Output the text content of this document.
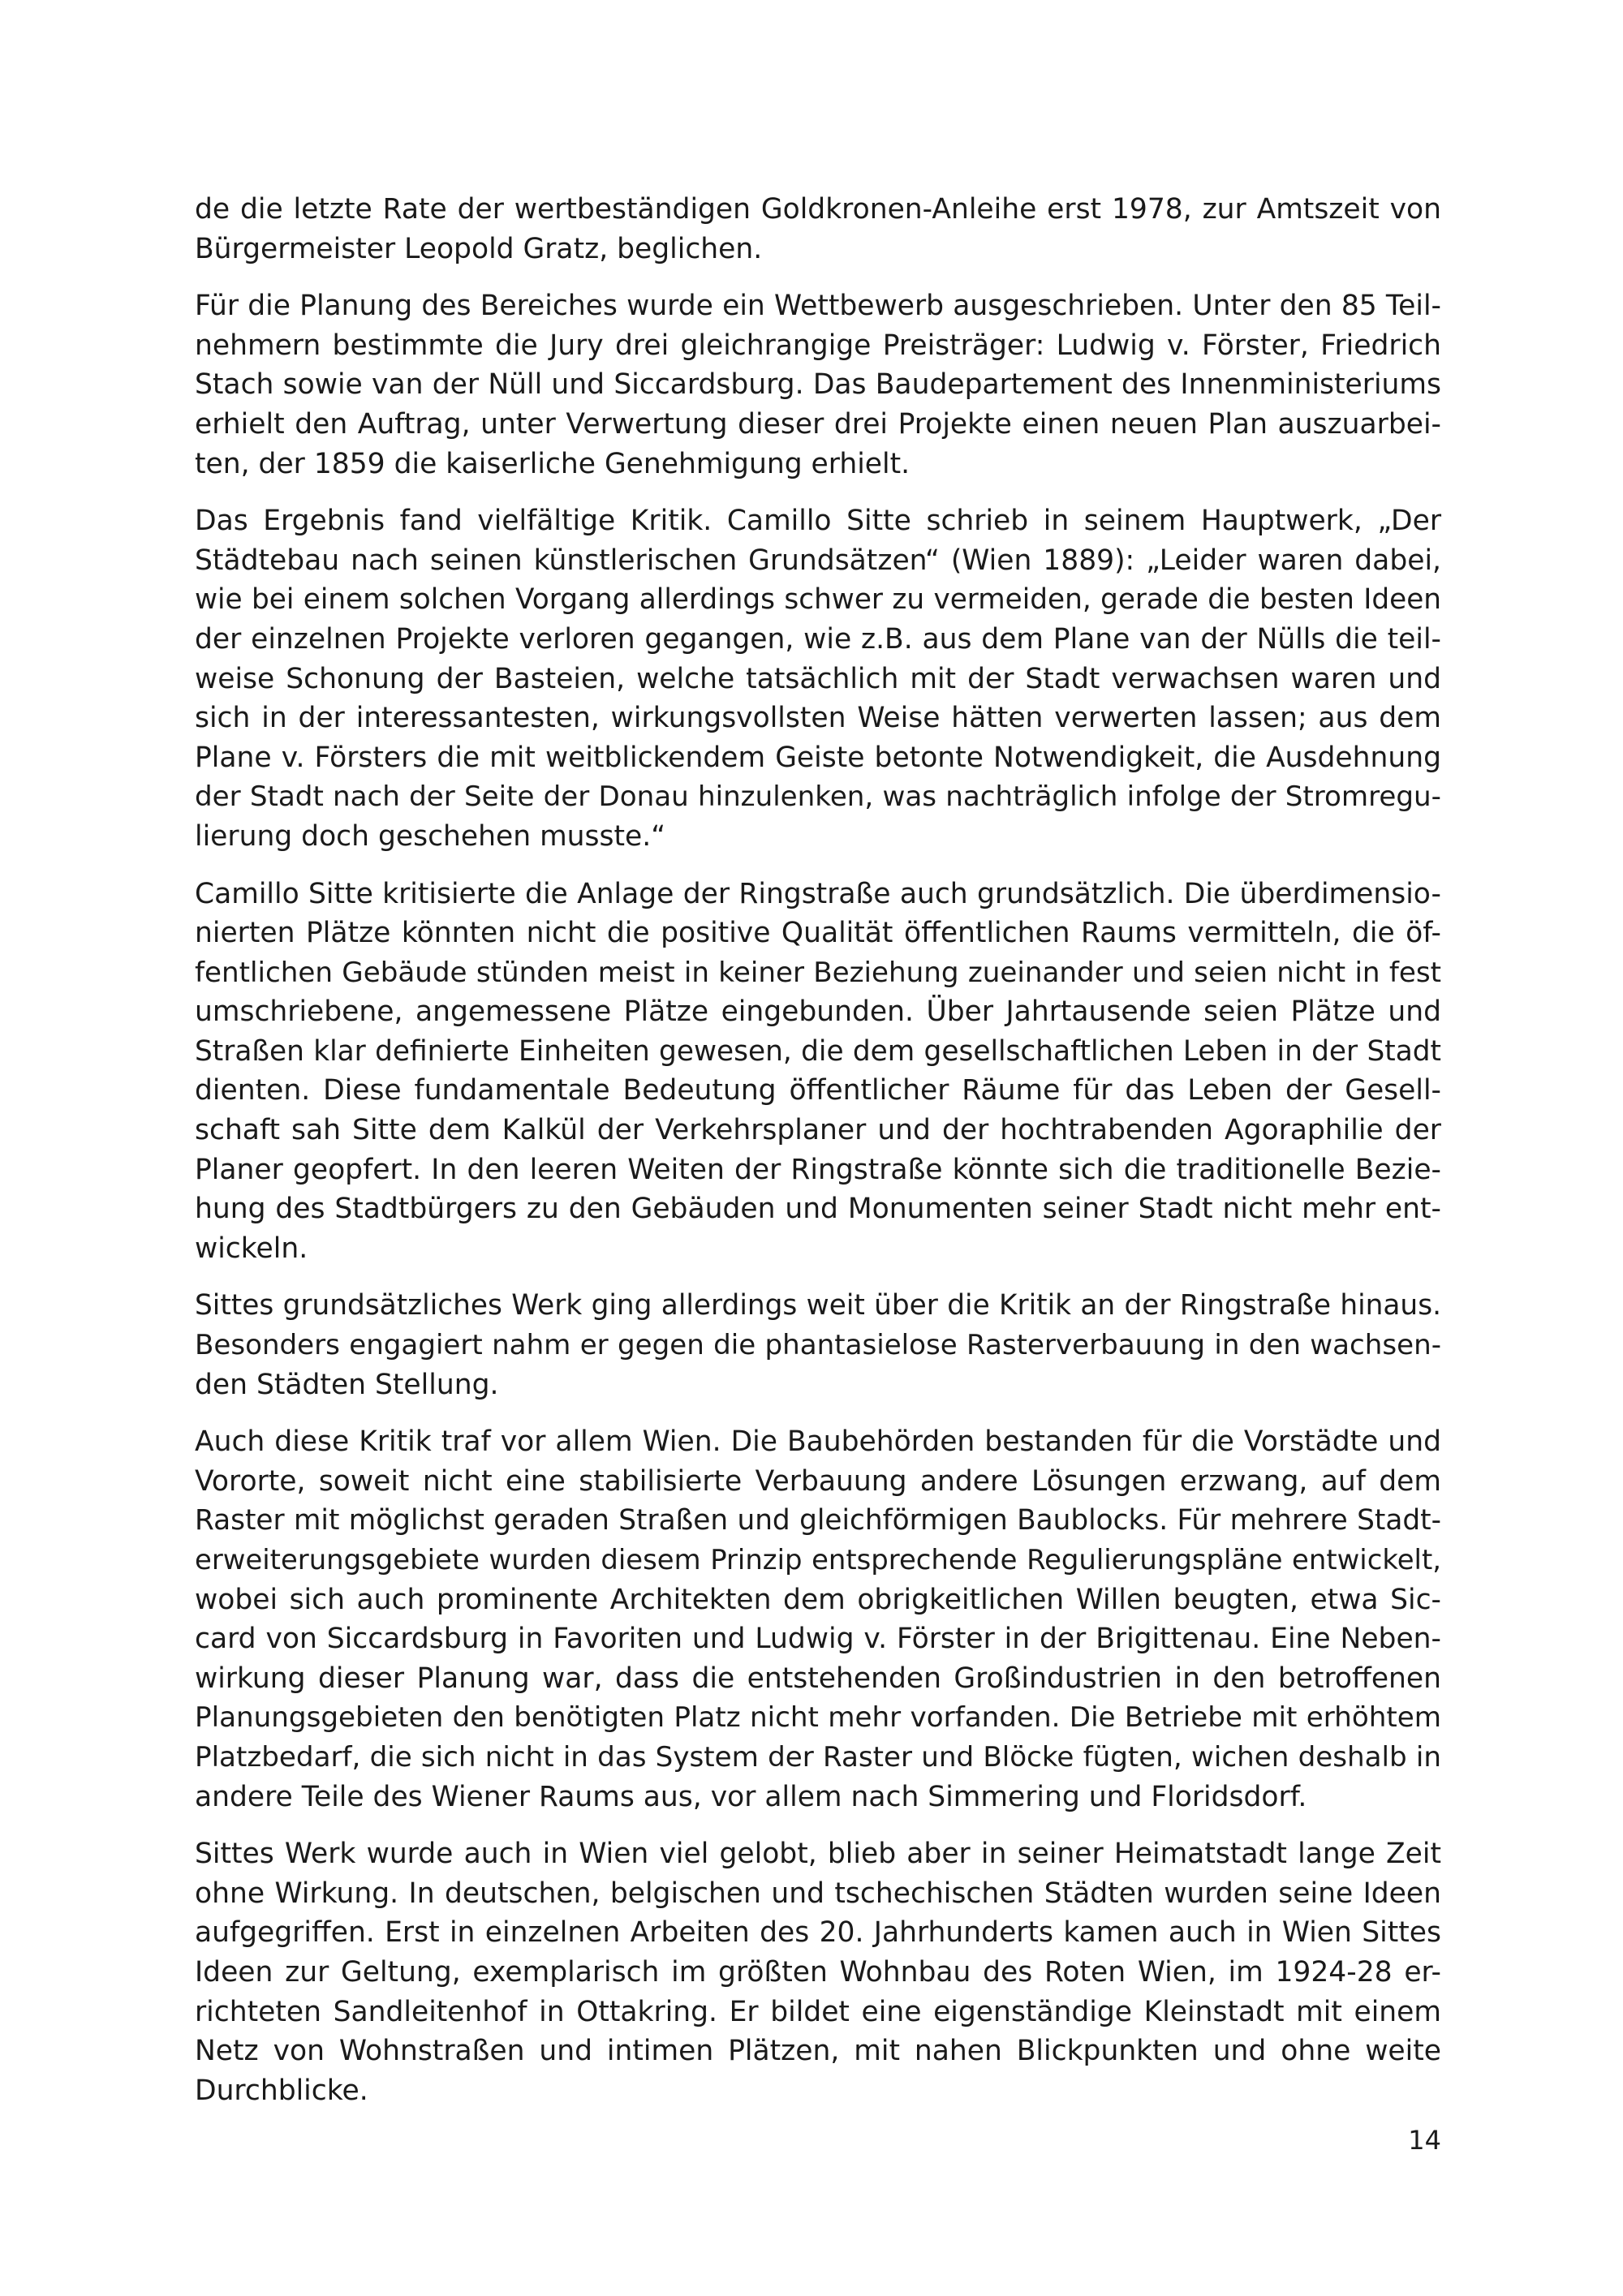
de die letzte Rate der wertbeständigen Goldkronen-Anleihe erst 1978, zur Amtszeit von
Bürgermeister Leopold Gratz, beglichen.

Für die Planung des Bereiches wurde ein Wettbewerb ausgeschrieben. Unter den 85 Teil-
nehmern bestimmte die Jury drei gleichrangige Preisträger: Ludwig v. Förster, Friedrich
Stach sowie van der Nüll und Siccardsburg. Das Baudepartement des Innenministeriums
erhielt den Auftrag, unter Verwertung dieser drei Projekte einen neuen Plan auszuarbei-
ten, der 1859 die kaiserliche Genehmigung erhielt.

Das Ergebnis fand vielfältige Kritik. Camillo Sitte schrieb in seinem Hauptwerk, „Der
Städtebau nach seinen künstlerischen Grundsätzen“ (Wien 1889): „Leider waren dabei,
wie bei einem solchen Vorgang allerdings schwer zu vermeiden, gerade die besten Ideen
der einzelnen Projekte verloren gegangen, wie z.B. aus dem Plane van der Nülls die teil-
weise Schonung der Basteien, welche tatsächlich mit der Stadt verwachsen waren und
sich in der interessantesten, wirkungsvollsten Weise hätten verwerten lassen; aus dem
Plane v. Försters die mit weitblickendem Geiste betonte Notwendigkeit, die Ausdehnung
der Stadt nach der Seite der Donau hinzulenken, was nachträglich infolge der Stromregu-
lierung doch geschehen musste.“

Camillo Sitte kritisierte die Anlage der Ringstraße auch grundsätzlich. Die überdimensio-
nierten Plätze könnten nicht die positive Qualität öffentlichen Raums vermitteln, die öf-
fentlichen Gebäude stünden meist in keiner Beziehung zueinander und seien nicht in fest
umschriebene, angemessene Plätze eingebunden. Über Jahrtausende seien Plätze und
Straßen klar definierte Einheiten gewesen, die dem gesellschaftlichen Leben in der Stadt
dienten. Diese fundamentale Bedeutung öffentlicher Räume für das Leben der Gesell-
schaft sah Sitte dem Kalkül der Verkehrsplaner und der hochtrabenden Agoraphilie der
Planer geopfert. In den leeren Weiten der Ringstraße könnte sich die traditionelle Bezie-
hung des Stadtbürgers zu den Gebäuden und Monumenten seiner Stadt nicht mehr ent-
wickeln.

Sittes grundsätzliches Werk ging allerdings weit über die Kritik an der Ringstraße hinaus.
Besonders engagiert nahm er gegen die phantasielose Rasterverbauung in den wachsen-
den Städten Stellung.

Auch diese Kritik traf vor allem Wien. Die Baubehörden bestanden für die Vorstädte und
Vororte, soweit nicht eine stabilisierte Verbauung andere Lösungen erzwang, auf dem
Raster mit möglichst geraden Straßen und gleichförmigen Baublocks. Für mehrere Stadt-
erweiterungsgebiete wurden diesem Prinzip entsprechende Regulierungspläne entwickelt,
wobei sich auch prominente Architekten dem obrigkeitlichen Willen beugten, etwa Sic-
card von Siccardsburg in Favoriten und Ludwig v. Förster in der Brigittenau. Eine Neben-
wirkung dieser Planung war, dass die entstehenden Großindustrien in den betroffenen
Planungsgebieten den benötigten Platz nicht mehr vorfanden. Die Betriebe mit erhöhtem
Platzbedarf, die sich nicht in das System der Raster und Blöcke fügten, wichen deshalb in
andere Teile des Wiener Raums aus, vor allem nach Simmering und Floridsdorf.

Sittes Werk wurde auch in Wien viel gelobt, blieb aber in seiner Heimatstadt lange Zeit
ohne Wirkung. In deutschen, belgischen und tschechischen Städten wurden seine Ideen
aufgegriffen. Erst in einzelnen Arbeiten des 20. Jahrhunderts kamen auch in Wien Sittes
Ideen zur Geltung, exemplarisch im größten Wohnbau des Roten Wien, im 1924-28 er-
richteten Sandleitenhof in Ottakring. Er bildet eine eigenständige Kleinstadt mit einem
Netz von Wohnstraßen und intimen Plätzen, mit nahen Blickpunkten und ohne weite
Durchblicke.

14
